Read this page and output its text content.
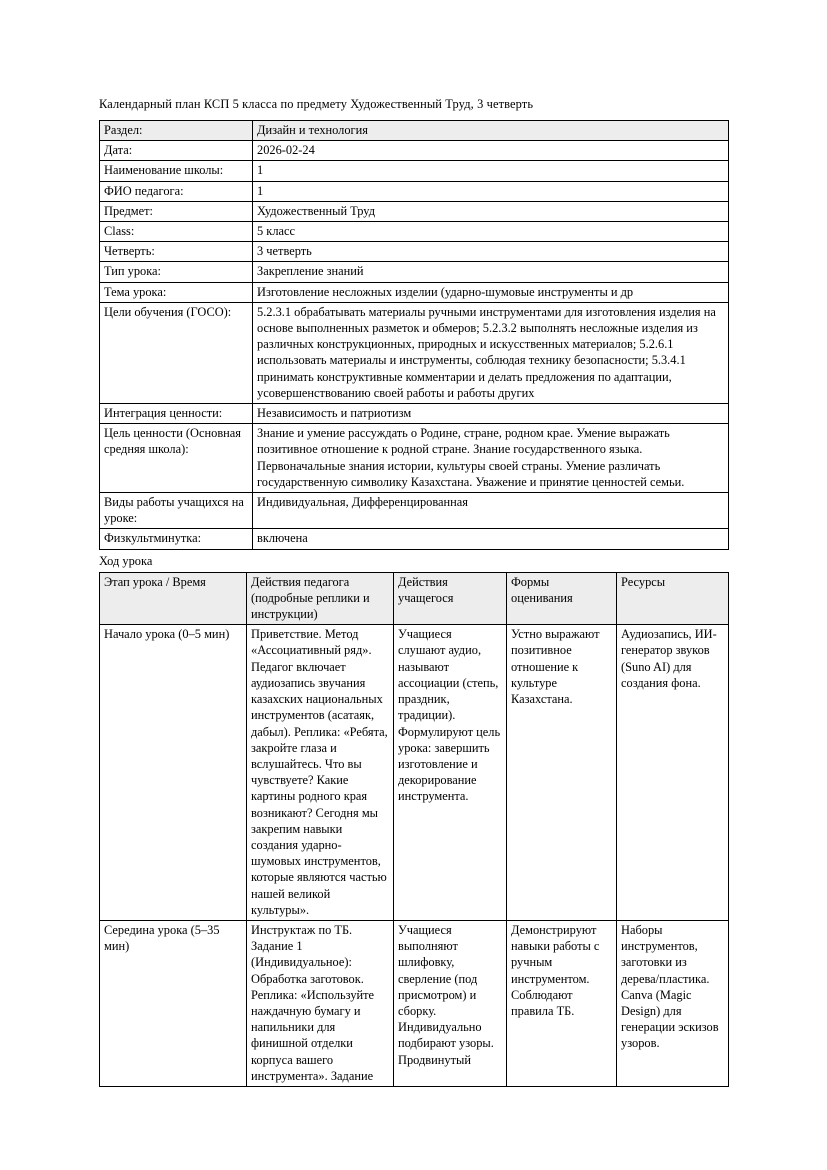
Календарный план КСП 5 класса по предмету Художественный Труд, 3 четверть
Раздел:	Дизайн и технология
Дата:	2026-02-24
Наименование школы:	1
ФИО педагога:	1
Предмет:	Художественный Труд
Class:	5 класс
Четверть:	3 четверть
Тип урока:	Закрепление знаний
Тема урока:	Изготовление несложных изделии (ударно-шумовые инструменты и др
Цели обучения (ГОСО):	5.2.3.1 обрабатывать материалы ручными инструментами для изготовления изделия на основе выполненных разметок и обмеров; 5.2.3.2 выполнять несложные изделия из различных конструкционных, природных и искусственных материалов; 5.2.6.1 использовать материалы и инструменты, соблюдая технику безопасности; 5.3.4.1 принимать конструктивные комментарии и делать предложения по адаптации, усовершенствованию своей работы и работы других
Интеграция ценности:	Независимость и патриотизм
Цель ценности (Основная средняя школа):	Знание и умение рассуждать о Родине, стране, родном крае. Умение выражать позитивное отношение к родной стране. Знание государственного языка. Первоначальные знания истории, культуры своей страны. Умение различать государственную символику Казахстана. Уважение и принятие ценностей семьи.
Виды работы учащихся на уроке:	Индивидуальная, Дифференцированная
Физкультминутка:	включена
Ход урока
Этап урока / Время	Действия педагога (подробные реплики и инструкции)	Действия учащегося	Формы оценивания	Ресурсы
Начало урока (0–5 мин)	Приветствие. Метод «Ассоциативный ряд». Педагог включает аудиозапись звучания казахских национальных инструментов (асатаяк, дабыл). Реплика: «Ребята, закройте глаза и вслушайтесь. Что вы чувствуете? Какие картины родного края возникают? Сегодня мы закрепим навыки создания ударно-шумовых инструментов, которые являются частью нашей великой культуры».	Учащиеся слушают аудио, называют ассоциации (степь, праздник, традиции). Формулируют цель урока: завершить изготовление и декорирование инструмента.	Устно выражают позитивное отношение к культуре Казахстана.	Аудиозапись, ИИ-генератор звуков (Suno AI) для создания фона.
Середина урока (5–35 мин)	Инструктаж по ТБ. Задание 1 (Индивидуальное): Обработка заготовок. Реплика: «Используйте наждачную бумагу и напильники для финишной отделки корпуса вашего инструмента». Задание	Учащиеся выполняют шлифовку, сверление (под присмотром) и сборку. Индивидуально подбирают узоры. Продвинутый	Демонстрируют навыки работы с ручным инструментом. Соблюдают правила ТБ.	Наборы инструментов, заготовки из дерева/пластика. Canva (Magic Design) для генерации эскизов узоров.
